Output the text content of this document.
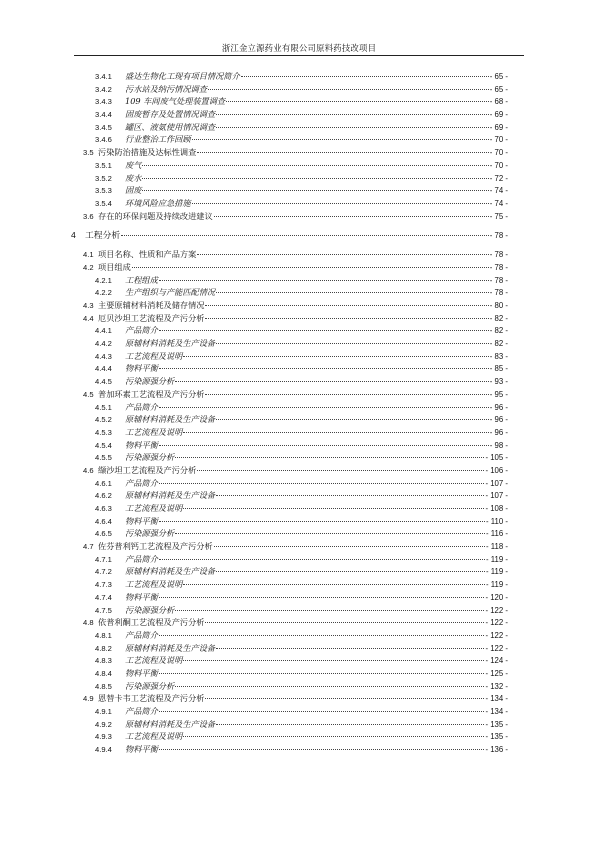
浙江金立源药业有限公司原料药技改项目
3.4.1	盛达生物化工现有项目情况简介	- 65 -
3.4.2	污水站及纳污情况调查	- 65 -
3.4.3	109 车间废气处理装置调查	- 68 -
3.4.4	固废暂存及处置情况调查	- 69 -
3.4.5	罐区、液氨使用情况调查	- 69 -
3.4.6	行业整治工作回顾	- 70 -
3.5 污染防治措施及达标性调查	- 70 -
3.5.1	废气	- 70 -
3.5.2	废水	- 72 -
3.5.3	固废	- 74 -
3.5.4	环境风险应急措施	- 74 -
3.6 存在的环保问题及持续改进建议	- 75 -
4	工程分析	- 78 -
4.1 项目名称、性质和产品方案	- 78 -
4.2 项目组成	- 78 -
4.2.1	工程组成	- 78 -
4.2.2	生产组织与产能匹配情况	- 78 -
4.3 主要原辅材料消耗及储存情况	- 80 -
4.4 厄贝沙坦工艺流程及产污分析	- 82 -
4.4.1	产品简介	- 82 -
4.4.2	原辅材料消耗及生产设备	- 82 -
4.4.3	工艺流程及说明	- 83 -
4.4.4	物料平衡	- 85 -
4.4.5	污染源强分析	- 93 -
4.5 普加环素工艺流程及产污分析	- 95 -
4.5.1	产品简介	- 96 -
4.5.2	原辅材料消耗及生产设备	- 96 -
4.5.3	工艺流程及说明	- 96 -
4.5.4	物料平衡	- 98 -
4.5.5	污染源强分析	- 105 -
4.6 缬沙坦工艺流程及产污分析	- 106 -
4.6.1	产品简介	- 107 -
4.6.2	原辅材料消耗及生产设备	- 107 -
4.6.3	工艺流程及说明	- 108 -
4.6.4	物料平衡	- 110 -
4.6.5	污染源强分析	- 116 -
4.7 佐芬普利钙工艺流程及产污分析	- 118 -
4.7.1	产品简介	- 119 -
4.7.2	原辅材料消耗及生产设备	- 119 -
4.7.3	工艺流程及说明	- 119 -
4.7.4	物料平衡	- 120 -
4.7.5	污染源强分析	- 122 -
4.8 依普利酮工艺流程及产污分析	- 122 -
4.8.1	产品简介	- 122 -
4.8.2	原辅材料消耗及生产设备	- 122 -
4.8.3	工艺流程及说明	- 124 -
4.8.4	物料平衡	- 125 -
4.8.5	污染源强分析	- 132 -
4.9 恩替卡韦工艺流程及产污分析	- 134 -
4.9.1	产品简介	- 134 -
4.9.2	原辅材料消耗及生产设备	- 135 -
4.9.3	工艺流程及说明	- 135 -
4.9.4	物料平衡	- 136 -
